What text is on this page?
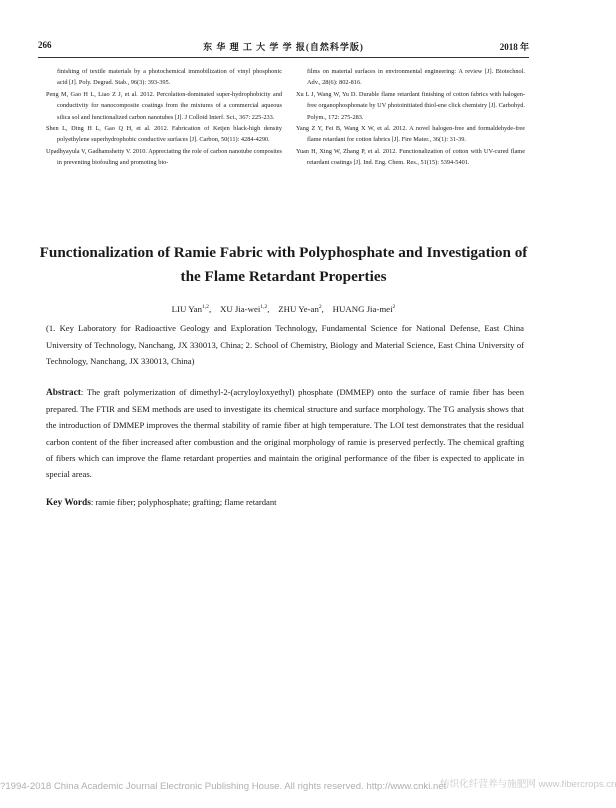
266	东 华 理 工 大 学 学 报(自然科学版)	2018 年
finishing of textile materials by a photochemical immobilization of vinyl phosphonic acid [J]. Poly. Degrad. Stab., 96(3): 393-395.
Peng M, Gao H L, Liao Z J, et al. 2012. Percolation-dominated super-hydrophobicity and conductivity for nanocomposite coatings from the mixtures of a commercial aqueous silica sol and functionalized carbon nanotubes [J]. J Colloid Interf. Sci., 367: 225-233.
Shen L, Ding H L, Gao Q H, et al. 2012. Fabrication of Ketjen black-high density polyethylene superhydrophobic conductive surfaces [J]. Carbon, 50(11): 4284-4290.
Upadhyayula V, Gadhamshetty V. 2010. Appreciating the role of carbon nanotube composites in preventing biofouling and promoting bio-
films on material surfaces in environmental engineering: A review [J]. Biotechnol. Adv., 28(6): 802-816.
Xu L J, Wang W, Yu D. Durable flame retardant finishing of cotton fabrics with halogen-free organophosphonate by UV photoinitiated thiol-ene click chemistry [J]. Carbohyd. Polym., 172: 275-283.
Yang Z Y, Fei B, Wang X W, et al. 2012. A novel halogen-free and formaldehyde-free flame retardant for cotton fabrics [J]. Fire Mater., 36(1): 31-39.
Yuan H, Xing W, Zhang P, et al. 2012. Functionalization of cotton with UV-cured flame retardant coatings [J]. Ind. Eng. Chem. Res., 51(15): 5394-5401.
Functionalization of Ramie Fabric with Polyphosphate and Investigation of the Flame Retardant Properties
LIU Yan$^{1,2}$,    XU Jia-wei$^{1,2}$,    ZHU $Ye-an^2$,    HUANG Jia-mei$^2$
(1. Key Laboratory for Radioactive Geology and Exploration Technology, Fundamental Science for National Defense, East China University of Technology, Nanchang, JX 330013, China; 2. School of Chemistry, Biology and Material Science, East China University of Technology, Nanchang, JX 330013, China)
Abstract: The graft polymerization of dimethyl-2-(acryloyloxyethyl) phosphate (DMMEP) onto the surface of ramie fiber has been prepared. The FTIR and SEM methods are used to investigate its chemical structure and surface morphology. The TG analysis shows that the introduction of DMMEP improves the thermal stability of ramie fiber at high temperature. The LOI test demonstrates that the residual carbon content of the fiber increased after combustion and the original morphology of ramie is preserved perfectly. The chemical grafting of fibers which can improve the flame retardant properties and maintain the original performance of the fiber is expected to applicate in special areas.
Key Words: ramie fiber; polyphosphate; grafting; flame retardant
?1994-2018 China Academic Journal Electronic Publishing House. All rights reserved. http://www.cnki.net
纺织化纤营养与施肥网 www.fibercrops.cn
